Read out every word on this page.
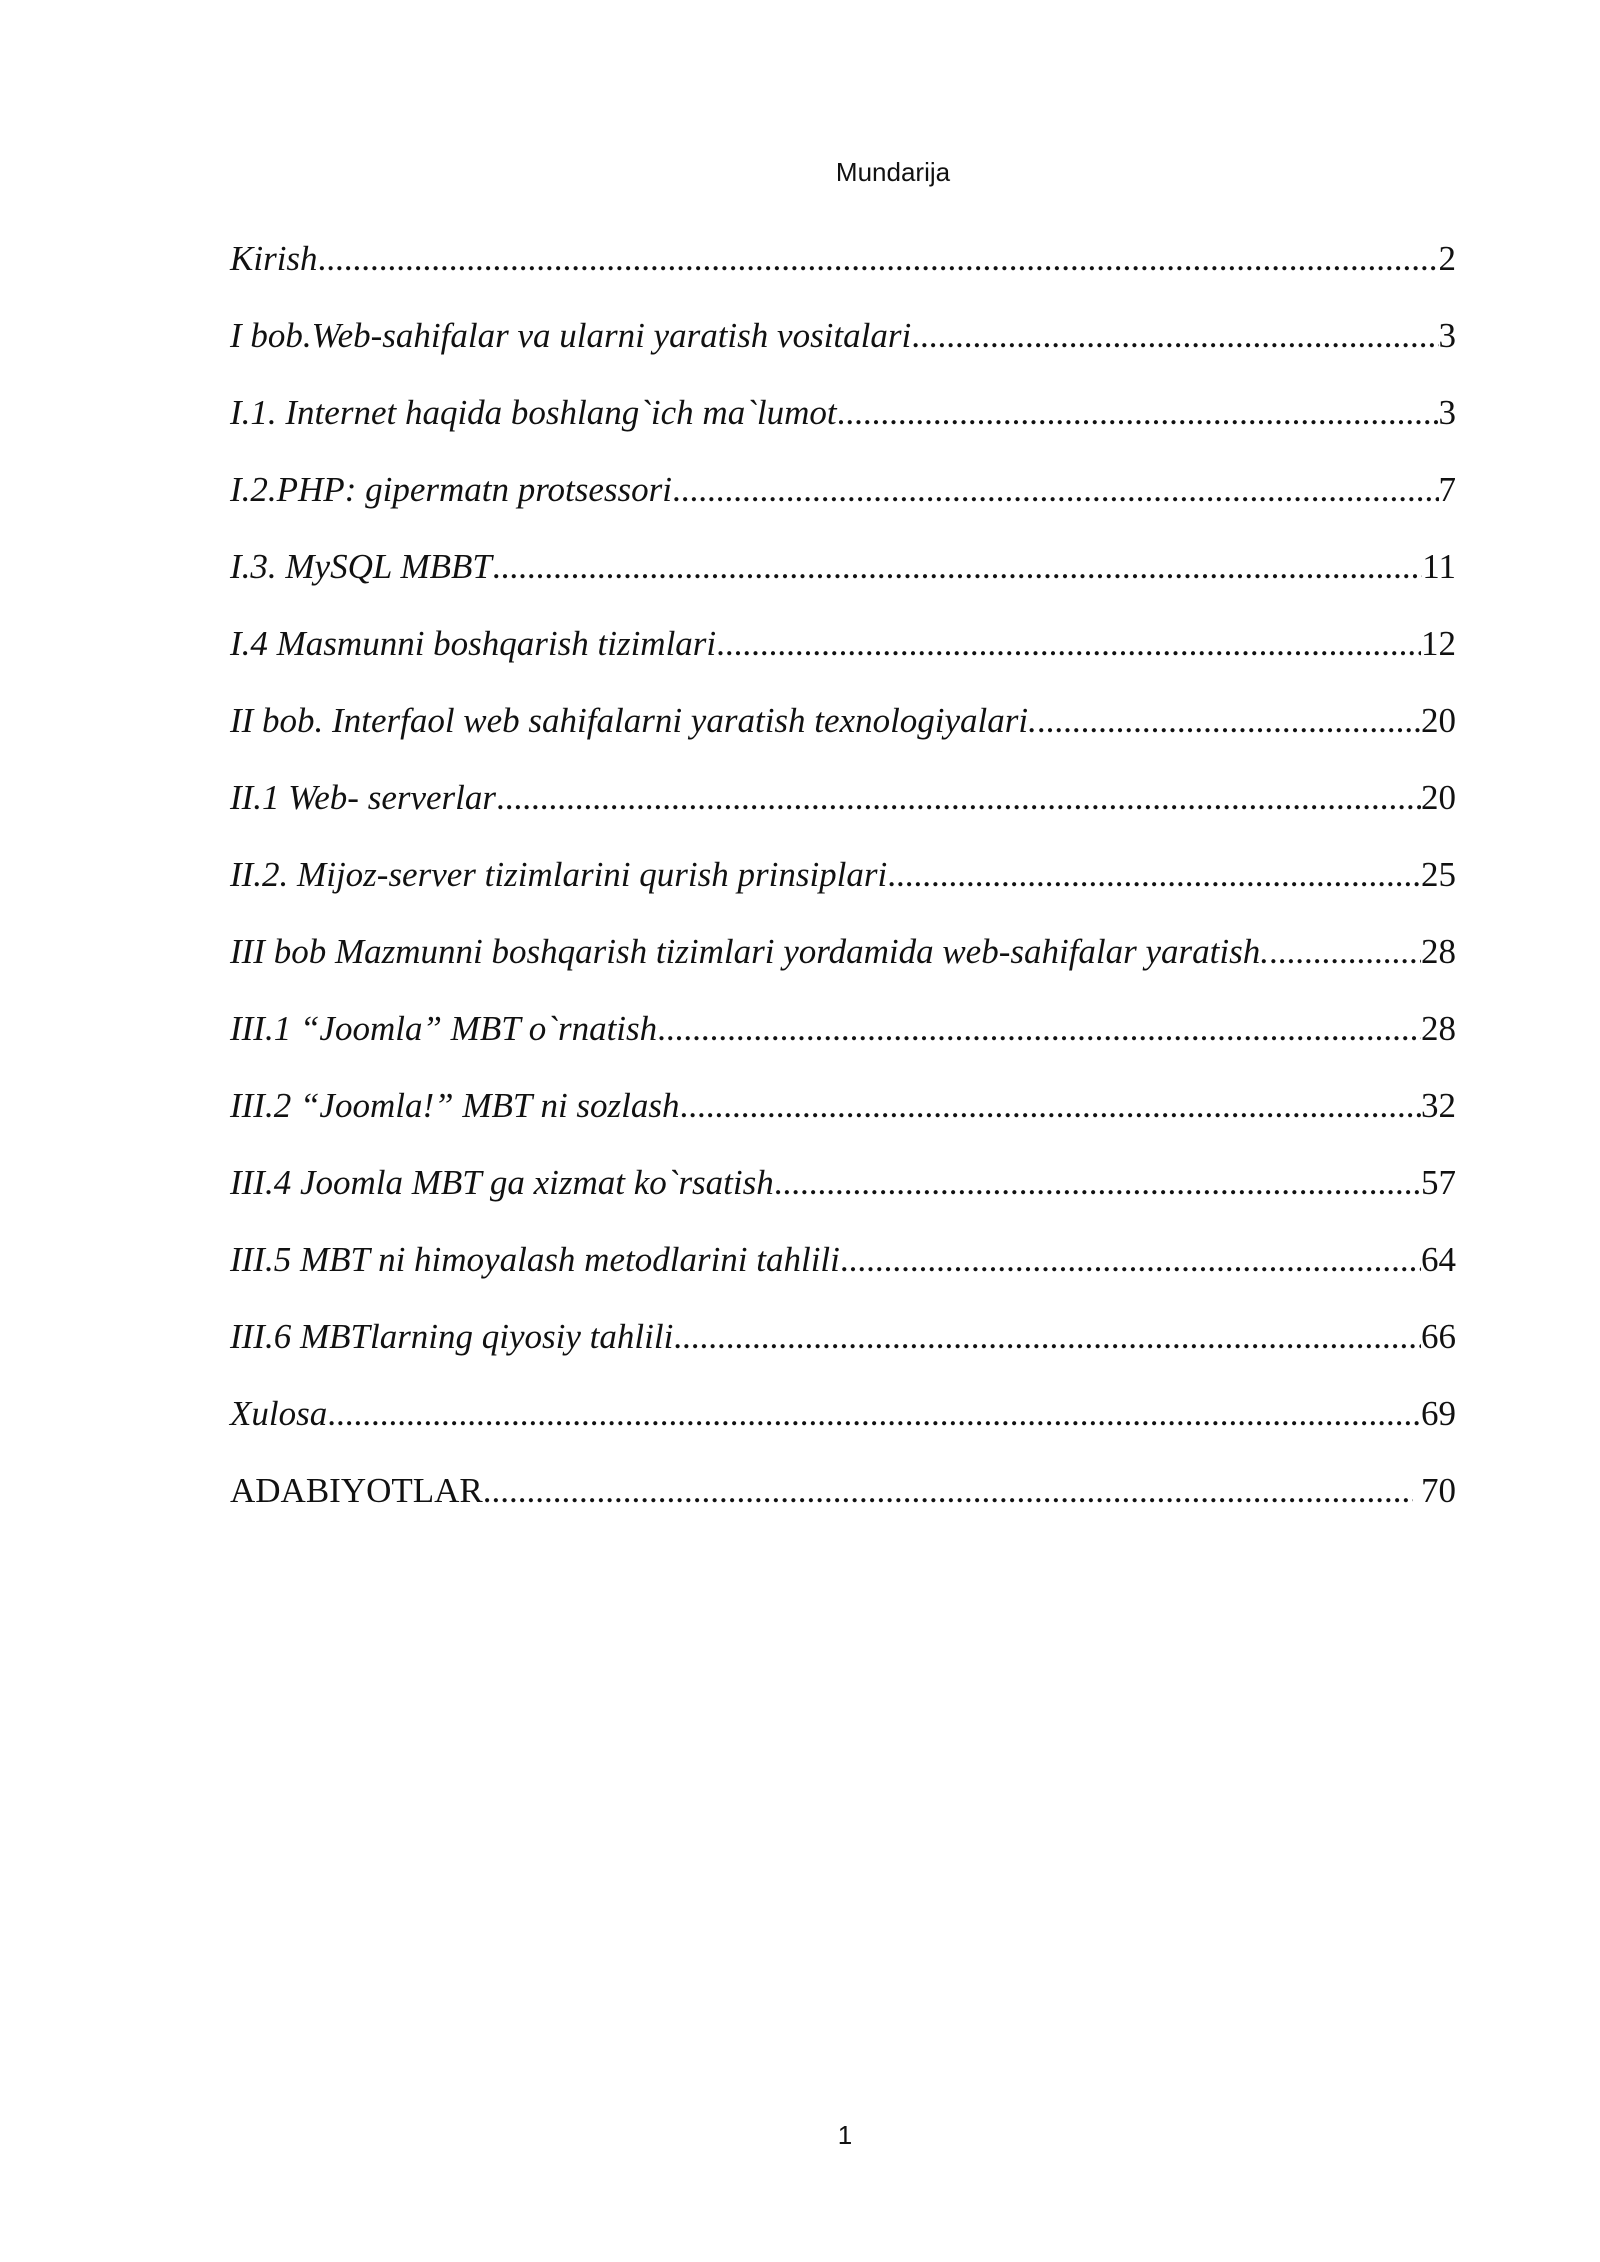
Mundarija
Kirish .....	2
I bob.Web-sahifalar va ularni yaratish vositalari .....	3
I.1. Internet haqida boshlang`ich ma`lumot .....	3
I.2.PHP: gipermatn protsessori .....	7
I.3. MySQL MBBT .....	11
I.4 Masmunni boshqarish tizimlari .....	12
II bob. Interfaol web sahifalarni yaratish texnologiyalari. .....	20
II.1 Web- serverlar .....	20
II.2. Mijoz-server tizimlarini qurish prinsiplari .....	25
III bob Mazmunni boshqarish tizimlari yordamida web-sahifalar yaratish. .....	28
III.1 “Joomla” MBT o`rnatish .....	28
III.2 “Joomla!” MBT ni sozlash .....	32
III.4 Joomla MBT ga xizmat ko`rsatish .....	57
III.5 MBT ni himoyalash metodlarini tahlili .....	64
III.6 MBTlarning qiyosiy tahlili .....	66
Xulosa .....	69
ADABIYOTLAR .....	70
1
